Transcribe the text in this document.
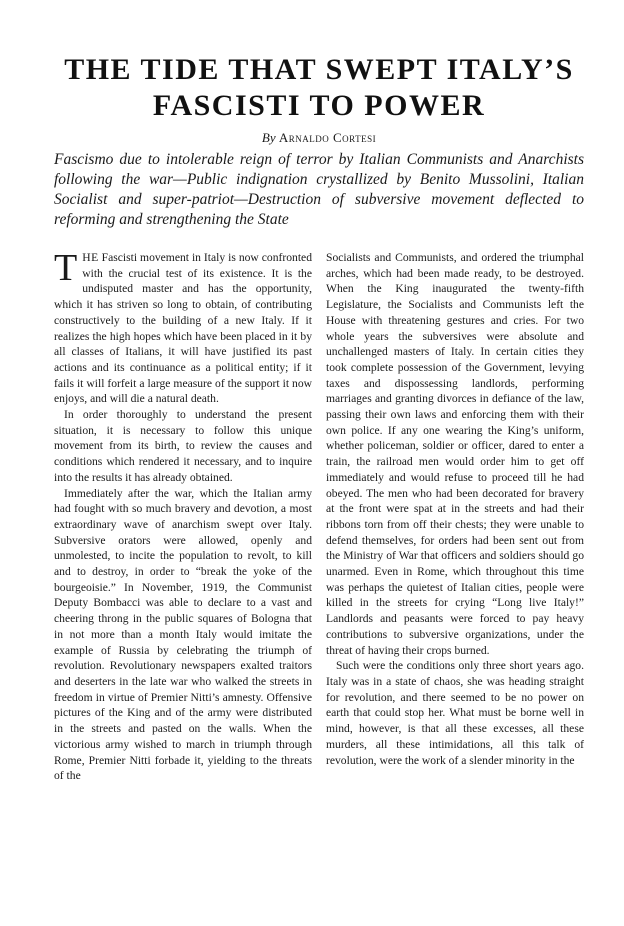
THE TIDE THAT SWEPT ITALY’S
FASCISTI TO POWER
By Arnaldo Cortesi

Fascismo due to intolerable reign of terror by Italian Communists and Anarchists following the war—Public indignation crystallized by Benito Mussolini, Italian Socialist and super-patriot—Destruction of subversive movement deflected to reforming and strengthening the State

THE Fascisti movement in Italy is now confronted with the crucial test of its existence. It is the undisputed master and has the opportunity, which it has striven so long to obtain, of contributing constructively to the building of a new Italy. If it realizes the high hopes which have been placed in it by all classes of Italians, it will have justified its past actions and its continuance as a political entity; if it fails it will forfeit a large measure of the support it now enjoys, and will die a natural death.

In order thoroughly to understand the present situation, it is necessary to follow this unique movement from its birth, to review the causes and conditions which rendered it necessary, and to inquire into the results it has already obtained.

Immediately after the war, which the Italian army had fought with so much bravery and devotion, a most extraordinary wave of anarchism swept over Italy. Subversive orators were allowed, openly and unmolested, to incite the population to revolt, to kill and to destroy, in order to “break the yoke of the bourgeoisie.” In November, 1919, the Communist Deputy Bombacci was able to declare to a vast and cheering throng in the public squares of Bologna that in not more than a month Italy would imitate the example of Russia by celebrating the triumph of revolution. Revolutionary newspapers exalted traitors and deserters in the late war who walked the streets in freedom in virtue of Premier Nitti’s amnesty. Offensive pictures of the King and of the army were distributed in the streets and pasted on the walls. When the victorious army wished to march in triumph through Rome, Premier Nitti forbade it, yielding to the threats of the

Socialists and Communists, and ordered the triumphal arches, which had been made ready, to be destroyed. When the King inaugurated the twenty-fifth Legislature, the Socialists and Communists left the House with threatening gestures and cries. For two whole years the subversives were absolute and unchallenged masters of Italy. In certain cities they took complete possession of the Government, levying taxes and dispossessing landlords, performing marriages and granting divorces in defiance of the law, passing their own laws and enforcing them with their own police. If any one wearing the King’s uniform, whether policeman, soldier or officer, dared to enter a train, the railroad men would order him to get off immediately and would refuse to proceed till he had obeyed. The men who had been decorated for bravery at the front were spat at in the streets and had their ribbons torn from off their chests; they were unable to defend themselves, for orders had been sent out from the Ministry of War that officers and soldiers should go unarmed. Even in Rome, which throughout this time was perhaps the quietest of Italian cities, people were killed in the streets for crying “Long live Italy!” Landlords and peasants were forced to pay heavy contributions to subversive organizations, under the threat of having their crops burned.

Such were the conditions only three short years ago. Italy was in a state of chaos, she was heading straight for revolution, and there seemed to be no power on earth that could stop her. What must be borne well in mind, however, is that all these excesses, all these murders, all these intimidations, all this talk of revolution, were the work of a slender minority in the
